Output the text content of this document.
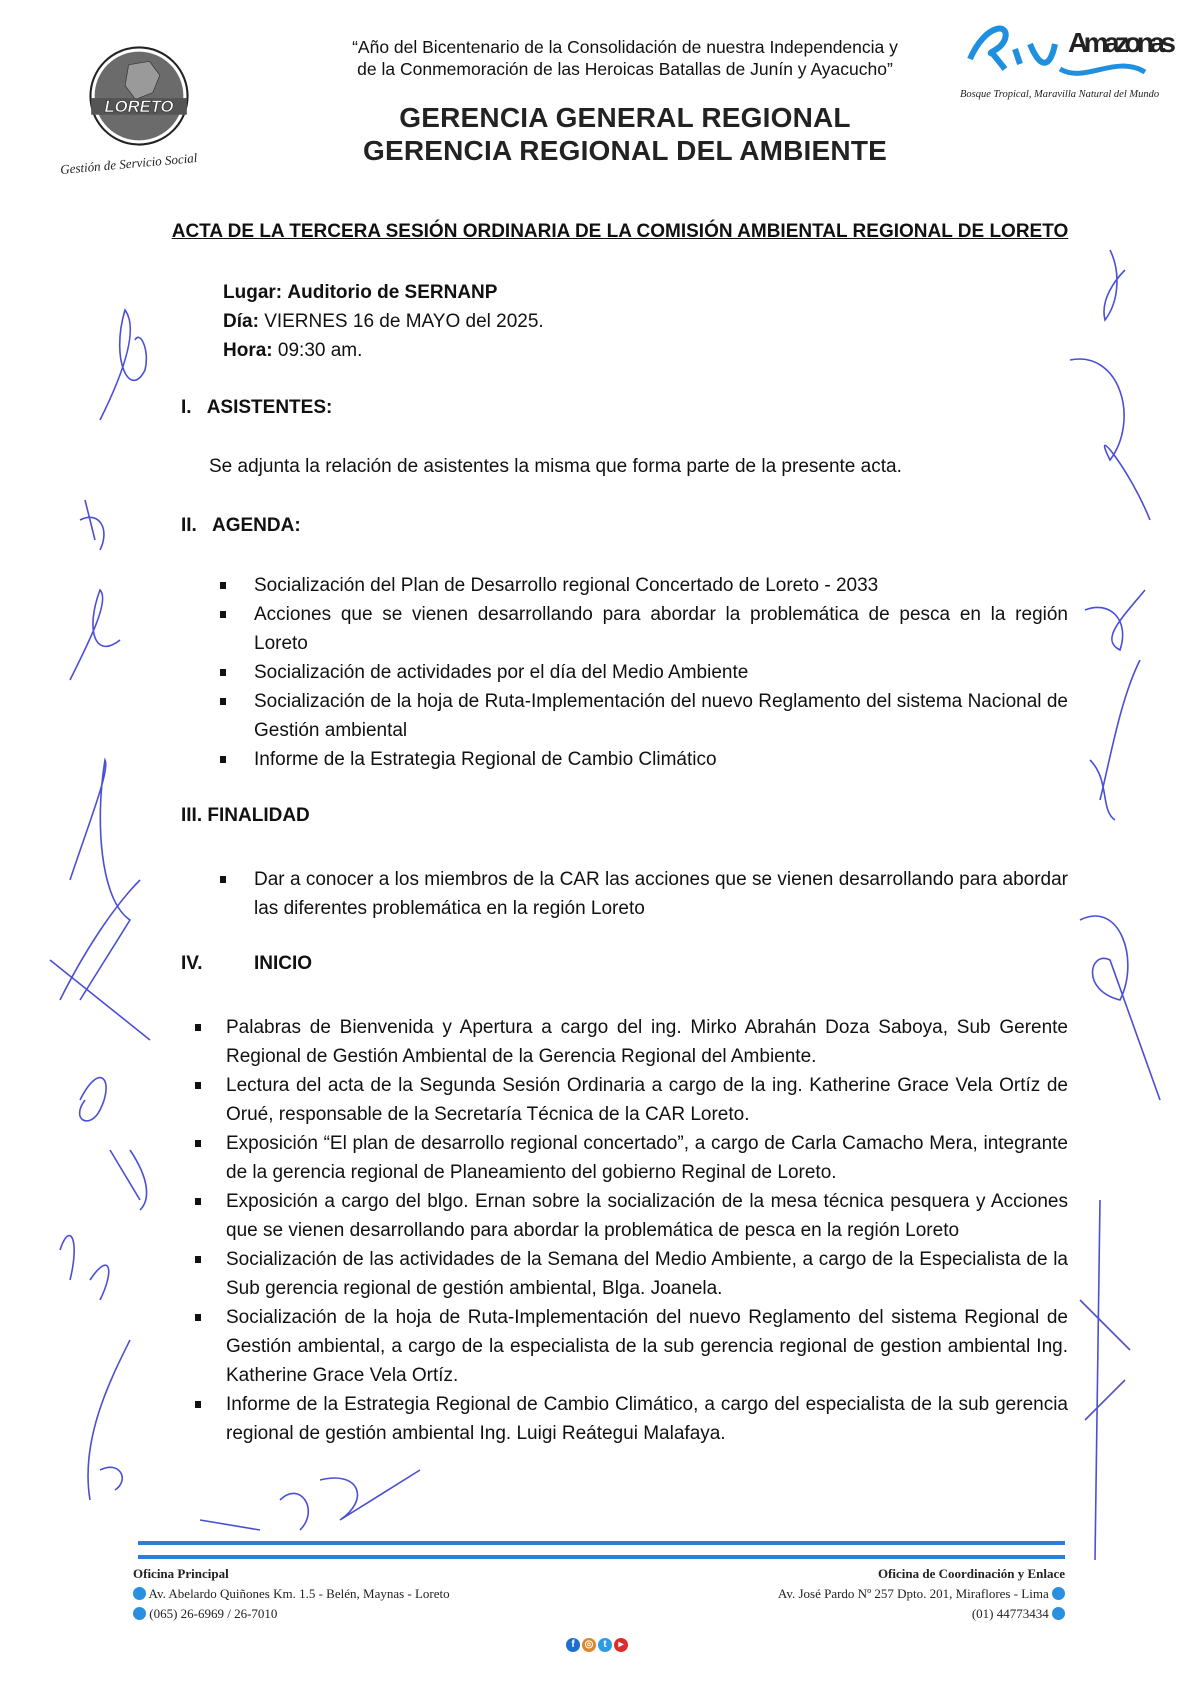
LORETO
Gestión de Servicio Social
“Año del Bicentenario de la Consolidación de nuestra Independencia y
de la Conmemoración de las Heroicas Batallas de Junín y Ayacucho”
GERENCIA GENERAL REGIONAL
GERENCIA REGIONAL DEL AMBIENTE
Amazonas
Bosque Tropical, Maravilla Natural del Mundo
ACTA DE LA TERCERA SESIÓN ORDINARIA DE LA COMISIÓN AMBIENTAL REGIONAL DE LORETO
Lugar: Auditorio de SERNANP
Día: VIERNES 16 de MAYO del 2025.
Hora: 09:30 am.
I. ASISTENTES:
Se adjunta la relación de asistentes la misma que forma parte de la presente acta.
II. AGENDA:
Socialización del Plan de Desarrollo regional Concertado de Loreto - 2033
Acciones que se vienen desarrollando para abordar la problemática de pesca en la región Loreto
Socialización de actividades por el día del Medio Ambiente
Socialización de la hoja de Ruta-Implementación del nuevo Reglamento del sistema Nacional de Gestión ambiental
Informe de la Estrategia Regional de Cambio Climático
III. FINALIDAD
Dar a conocer a los miembros de la CAR las acciones que se vienen desarrollando para abordar las diferentes problemática en la región Loreto
IV.	INICIO
Palabras de Bienvenida y Apertura a cargo del ing. Mirko Abrahán Doza Saboya, Sub Gerente Regional de Gestión Ambiental de la Gerencia Regional del Ambiente.
Lectura del acta de la Segunda Sesión Ordinaria a cargo de la ing. Katherine Grace Vela Ortíz de Orué, responsable de la Secretaría Técnica de la CAR Loreto.
Exposición “El plan de desarrollo regional concertado”, a cargo de Carla Camacho Mera, integrante de la gerencia regional de Planeamiento del gobierno Reginal de Loreto.
Exposición a cargo del blgo. Ernan sobre la socialización de la mesa técnica pesquera y Acciones que se vienen desarrollando para abordar la problemática de pesca en la región Loreto
Socialización de las actividades de la Semana del Medio Ambiente, a cargo de la Especialista de la Sub gerencia regional de gestión ambiental, Blga. Joanela.
Socialización de la hoja de Ruta-Implementación del nuevo Reglamento del sistema Regional de Gestión ambiental, a cargo de la especialista de la sub gerencia regional de gestion ambiental Ing. Katherine Grace Vela Ortíz.
Informe de la Estrategia Regional de Cambio Climático, a cargo del especialista de la sub gerencia regional de gestión ambiental Ing. Luigi Reátegui Malafaya.
Oficina Principal
Av. Abelardo Quiñones Km. 1.5 - Belén, Maynas - Loreto
(065) 26-6969 / 26-7010
Oficina de Coordinación y Enlace
Av. José Pardo Nº 257 Dpto. 201, Miraflores - Lima
(01) 44773434
f ◎ t ▸
